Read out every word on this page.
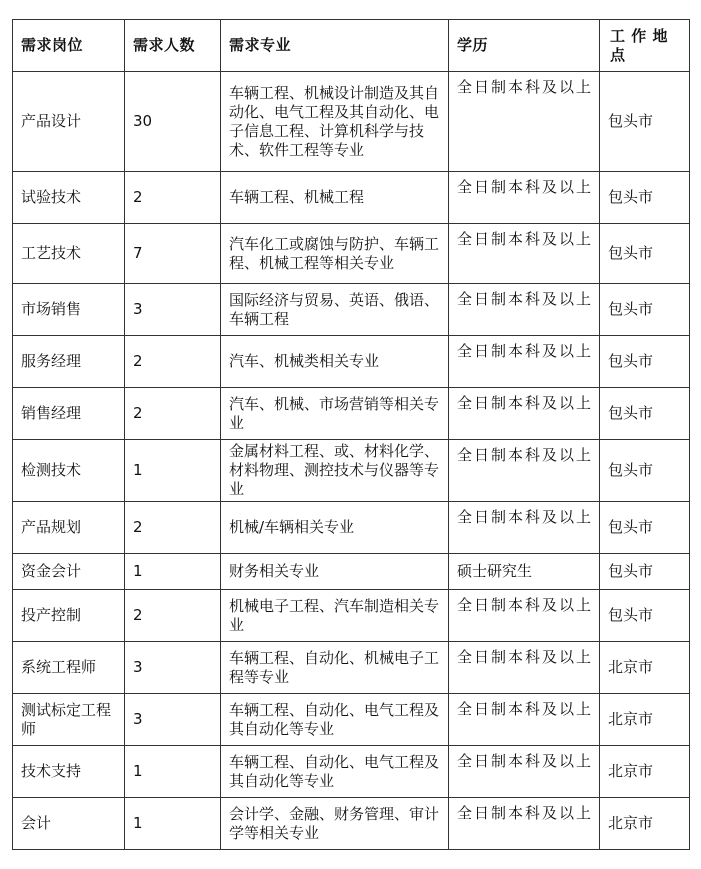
需求岗位	需求人数	需求专业	学历	工 作 地 点
产品设计	30	车辆工程、机械设计制造及其自动化、电气工程及其自动化、电子信息工程、计算机科学与技术、软件工程等专业	全日制本科及以上	包头市
试验技术	2	车辆工程、机械工程	全日制本科及以上	包头市
工艺技术	7	汽车化工或腐蚀与防护、车辆工程、机械工程等相关专业	全日制本科及以上	包头市
市场销售	3	国际经济与贸易、英语、俄语、车辆工程	全日制本科及以上	包头市
服务经理	2	汽车、机械类相关专业	全日制本科及以上	包头市
销售经理	2	汽车、机械、市场营销等相关专业	全日制本科及以上	包头市
检测技术	1	金属材料工程、或、材料化学、材料物理、测控技术与仪器等专业	全日制本科及以上	包头市
产品规划	2	机械/车辆相关专业	全日制本科及以上	包头市
资金会计	1	财务相关专业	硕士研究生	包头市
投产控制	2	机械电子工程、汽车制造相关专业	全日制本科及以上	包头市
系统工程师	3	车辆工程、自动化、机械电子工程等专业	全日制本科及以上	北京市
测试标定工程师	3	车辆工程、自动化、电气工程及其自动化等专业	全日制本科及以上	北京市
技术支持	1	车辆工程、自动化、电气工程及其自动化等专业	全日制本科及以上	北京市
会计	1	会计学、金融、财务管理、审计学等相关专业	全日制本科及以上	北京市
